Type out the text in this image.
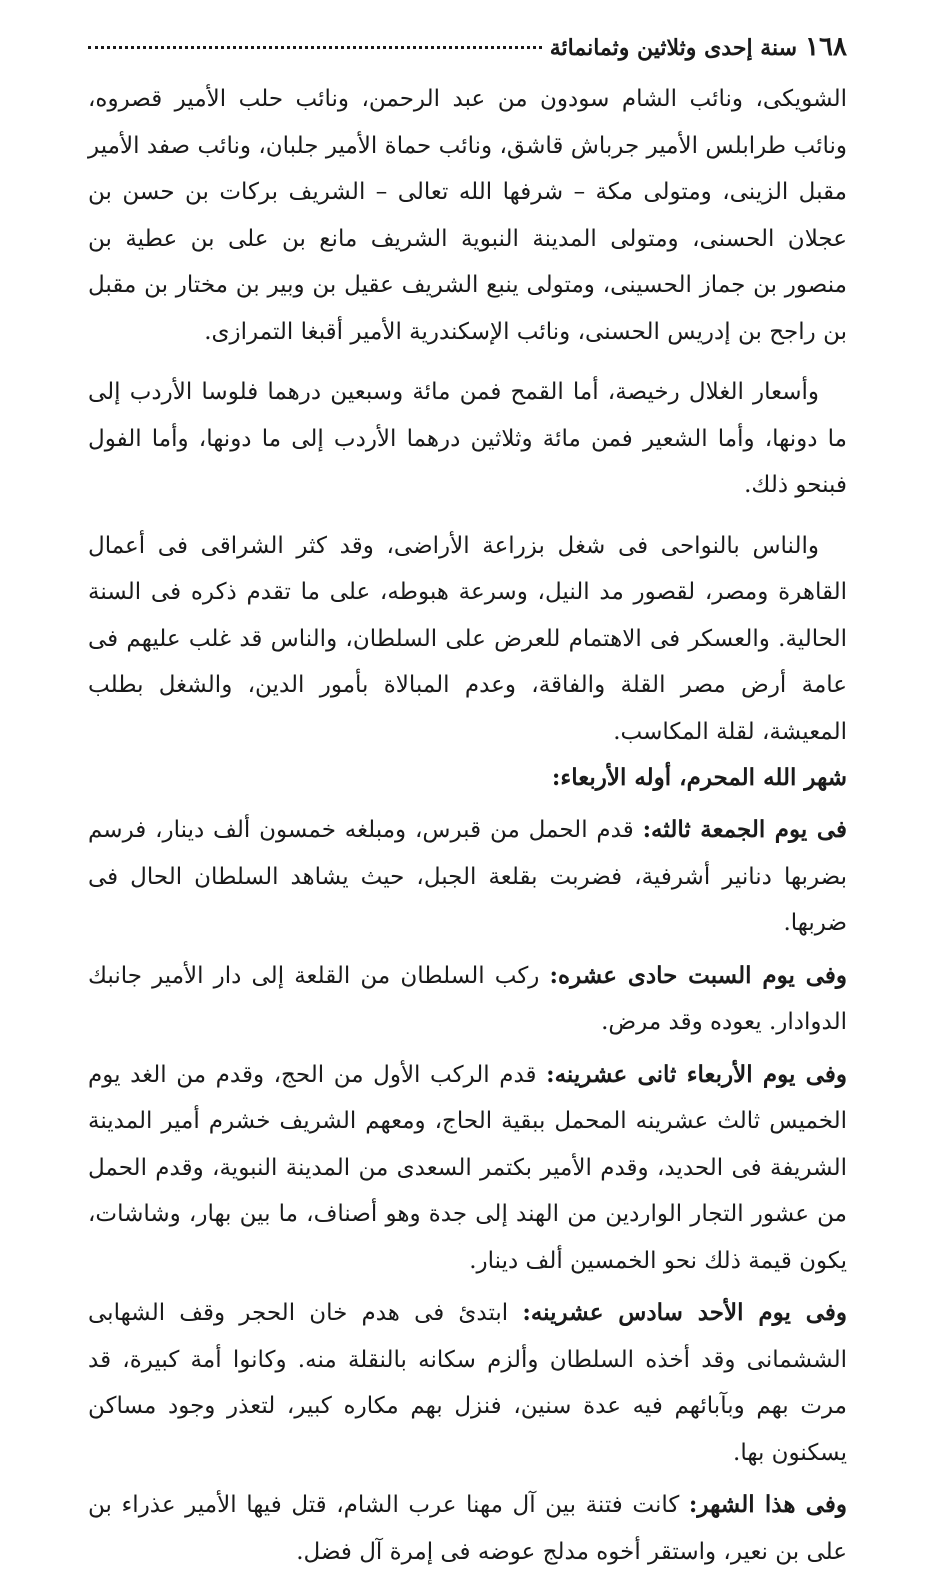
١٦٨
سنة إحدى وثلاثين وثمانمائة

الشويكى، ونائب الشام سودون من عبد الرحمن، ونائب حلب الأمير قصروه، ونائب طرابلس الأمير جرباش قاشق، ونائب حماة الأمير جلبان، ونائب صفد الأمير مقبل الزينى، ومتولى مكة – شرفها الله تعالى – الشريف بركات بن حسن بن عجلان الحسنى، ومتولى المدينة النبوية الشريف مانع بن على بن عطية بن منصور بن جماز الحسينى، ومتولى ينبع الشريف عقيل بن وبير بن مختار بن مقبل بن راجح بن إدريس الحسنى، ونائب الإسكندرية الأمير أقبغا التمرازى.

وأسعار الغلال رخيصة، أما القمح فمن مائة وسبعين درهما فلوسا الأردب إلى ما دونها، وأما الشعير فمن مائة وثلاثين درهما الأردب إلى ما دونها، وأما الفول فبنحو ذلك.

والناس بالنواحى فى شغل بزراعة الأراضى، وقد كثر الشراقى فى أعمال القاهرة ومصر، لقصور مد النيل، وسرعة هبوطه، على ما تقدم ذكره فى السنة الحالية. والعسكر فى الاهتمام للعرض على السلطان، والناس قد غلب عليهم فى عامة أرض مصر القلة والفاقة، وعدم المبالاة بأمور الدين، والشغل بطلب المعيشة، لقلة المكاسب.

شهر الله المحرم، أوله الأربعاء:

فى يوم الجمعة ثالثه: قدم الحمل من قبرس، ومبلغه خمسون ألف دينار، فرسم بضربها دنانير أشرفية، فضربت بقلعة الجبل، حيث يشاهد السلطان الحال فى ضربها.

وفى يوم السبت حادى عشره: ركب السلطان من القلعة إلى دار الأمير جانبك الدوادار. يعوده وقد مرض.

وفى يوم الأربعاء ثانى عشرينه: قدم الركب الأول من الحج، وقدم من الغد يوم الخميس ثالث عشرينه المحمل ببقية الحاج، ومعهم الشريف خشرم أمير المدينة الشريفة فى الحديد، وقدم الأمير بكتمر السعدى من المدينة النبوية، وقدم الحمل من عشور التجار الواردين من الهند إلى جدة وهو أصناف، ما بين بهار، وشاشات، يكون قيمة ذلك نحو الخمسين ألف دينار.

وفى يوم الأحد سادس عشرينه: ابتدئ فى هدم خان الحجر وقف الشهابى الششمانى وقد أخذه السلطان وألزم سكانه بالنقلة منه. وكانوا أمة كبيرة، قد مرت بهم وبآبائهم فيه عدة سنين، فنزل بهم مكاره كبير، لتعذر وجود مساكن يسكنون بها.

وفى هذا الشهر: كانت فتنة بين آل مهنا عرب الشام، قتل فيها الأمير عذراء بن على بن نعير، واستقر أخوه مدلج عوضه فى إمرة آل فضل.
